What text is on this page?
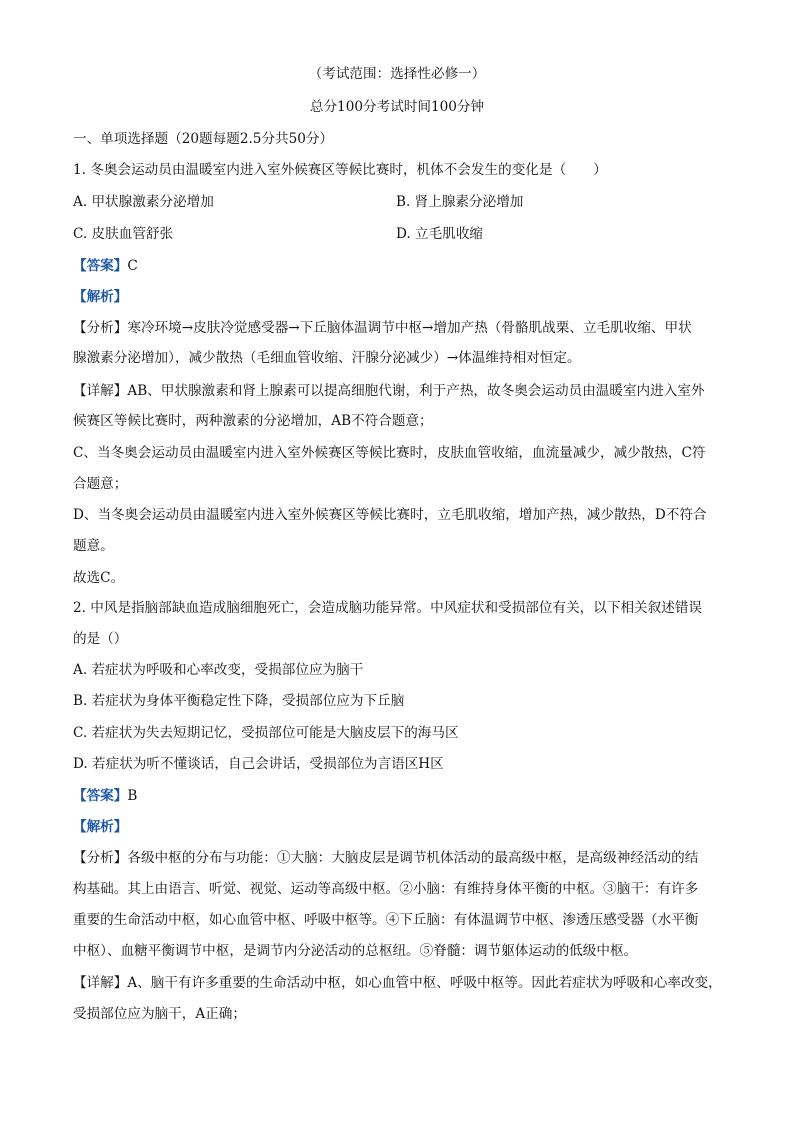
（考试范围：选择性必修一）
总分100分考试时间100分钟
一、单项选择题（20题每题2.5分共50分）
1. 冬奥会运动员由温暖室内进入室外候赛区等候比赛时，机体不会发生的变化是（　　）
A. 甲状腺激素分泌增加	B. 肾上腺素分泌增加
C. 皮肤血管舒张	D. 立毛肌收缩
【答案】C
【解析】
【分析】寒冷环境→皮肤冷觉感受器→下丘脑体温调节中枢→增加产热（骨骼肌战栗、立毛肌收缩、甲状
腺激素分泌增加），减少散热（毛细血管收缩、汗腺分泌减少）→体温维持相对恒定。
【详解】AB、甲状腺激素和肾上腺素可以提高细胞代谢，利于产热，故冬奥会运动员由温暖室内进入室外
候赛区等候比赛时，两种激素的分泌增加，AB不符合题意；
C、当冬奥会运动员由温暖室内进入室外候赛区等候比赛时，皮肤血管收缩，血流量减少，减少散热，C符
合题意；
D、当冬奥会运动员由温暖室内进入室外候赛区等候比赛时，立毛肌收缩，增加产热，减少散热，D不符合
题意。
故选C。
2. 中风是指脑部缺血造成脑细胞死亡，会造成脑功能异常。中风症状和受损部位有关，以下相关叙述错误
的是（）
A. 若症状为呼吸和心率改变，受损部位应为脑干
B. 若症状为身体平衡稳定性下降，受损部位应为下丘脑
C. 若症状为失去短期记忆，受损部位可能是大脑皮层下的海马区
D. 若症状为听不懂谈话，自己会讲话，受损部位为言语区H区
【答案】B
【解析】
【分析】各级中枢的分布与功能：①大脑：大脑皮层是调节机体活动的最高级中枢，是高级神经活动的结
构基础。其上由语言、听觉、视觉、运动等高级中枢。②小脑：有维持身体平衡的中枢。③脑干：有许多
重要的生命活动中枢，如心血管中枢、呼吸中枢等。④下丘脑：有体温调节中枢、渗透压感受器（水平衡
中枢）、血糖平衡调节中枢，是调节内分泌活动的总枢纽。⑤脊髓：调节躯体运动的低级中枢。
【详解】A、脑干有许多重要的生命活动中枢，如心血管中枢、呼吸中枢等。因此若症状为呼吸和心率改变，
受损部位应为脑干，A正确；
